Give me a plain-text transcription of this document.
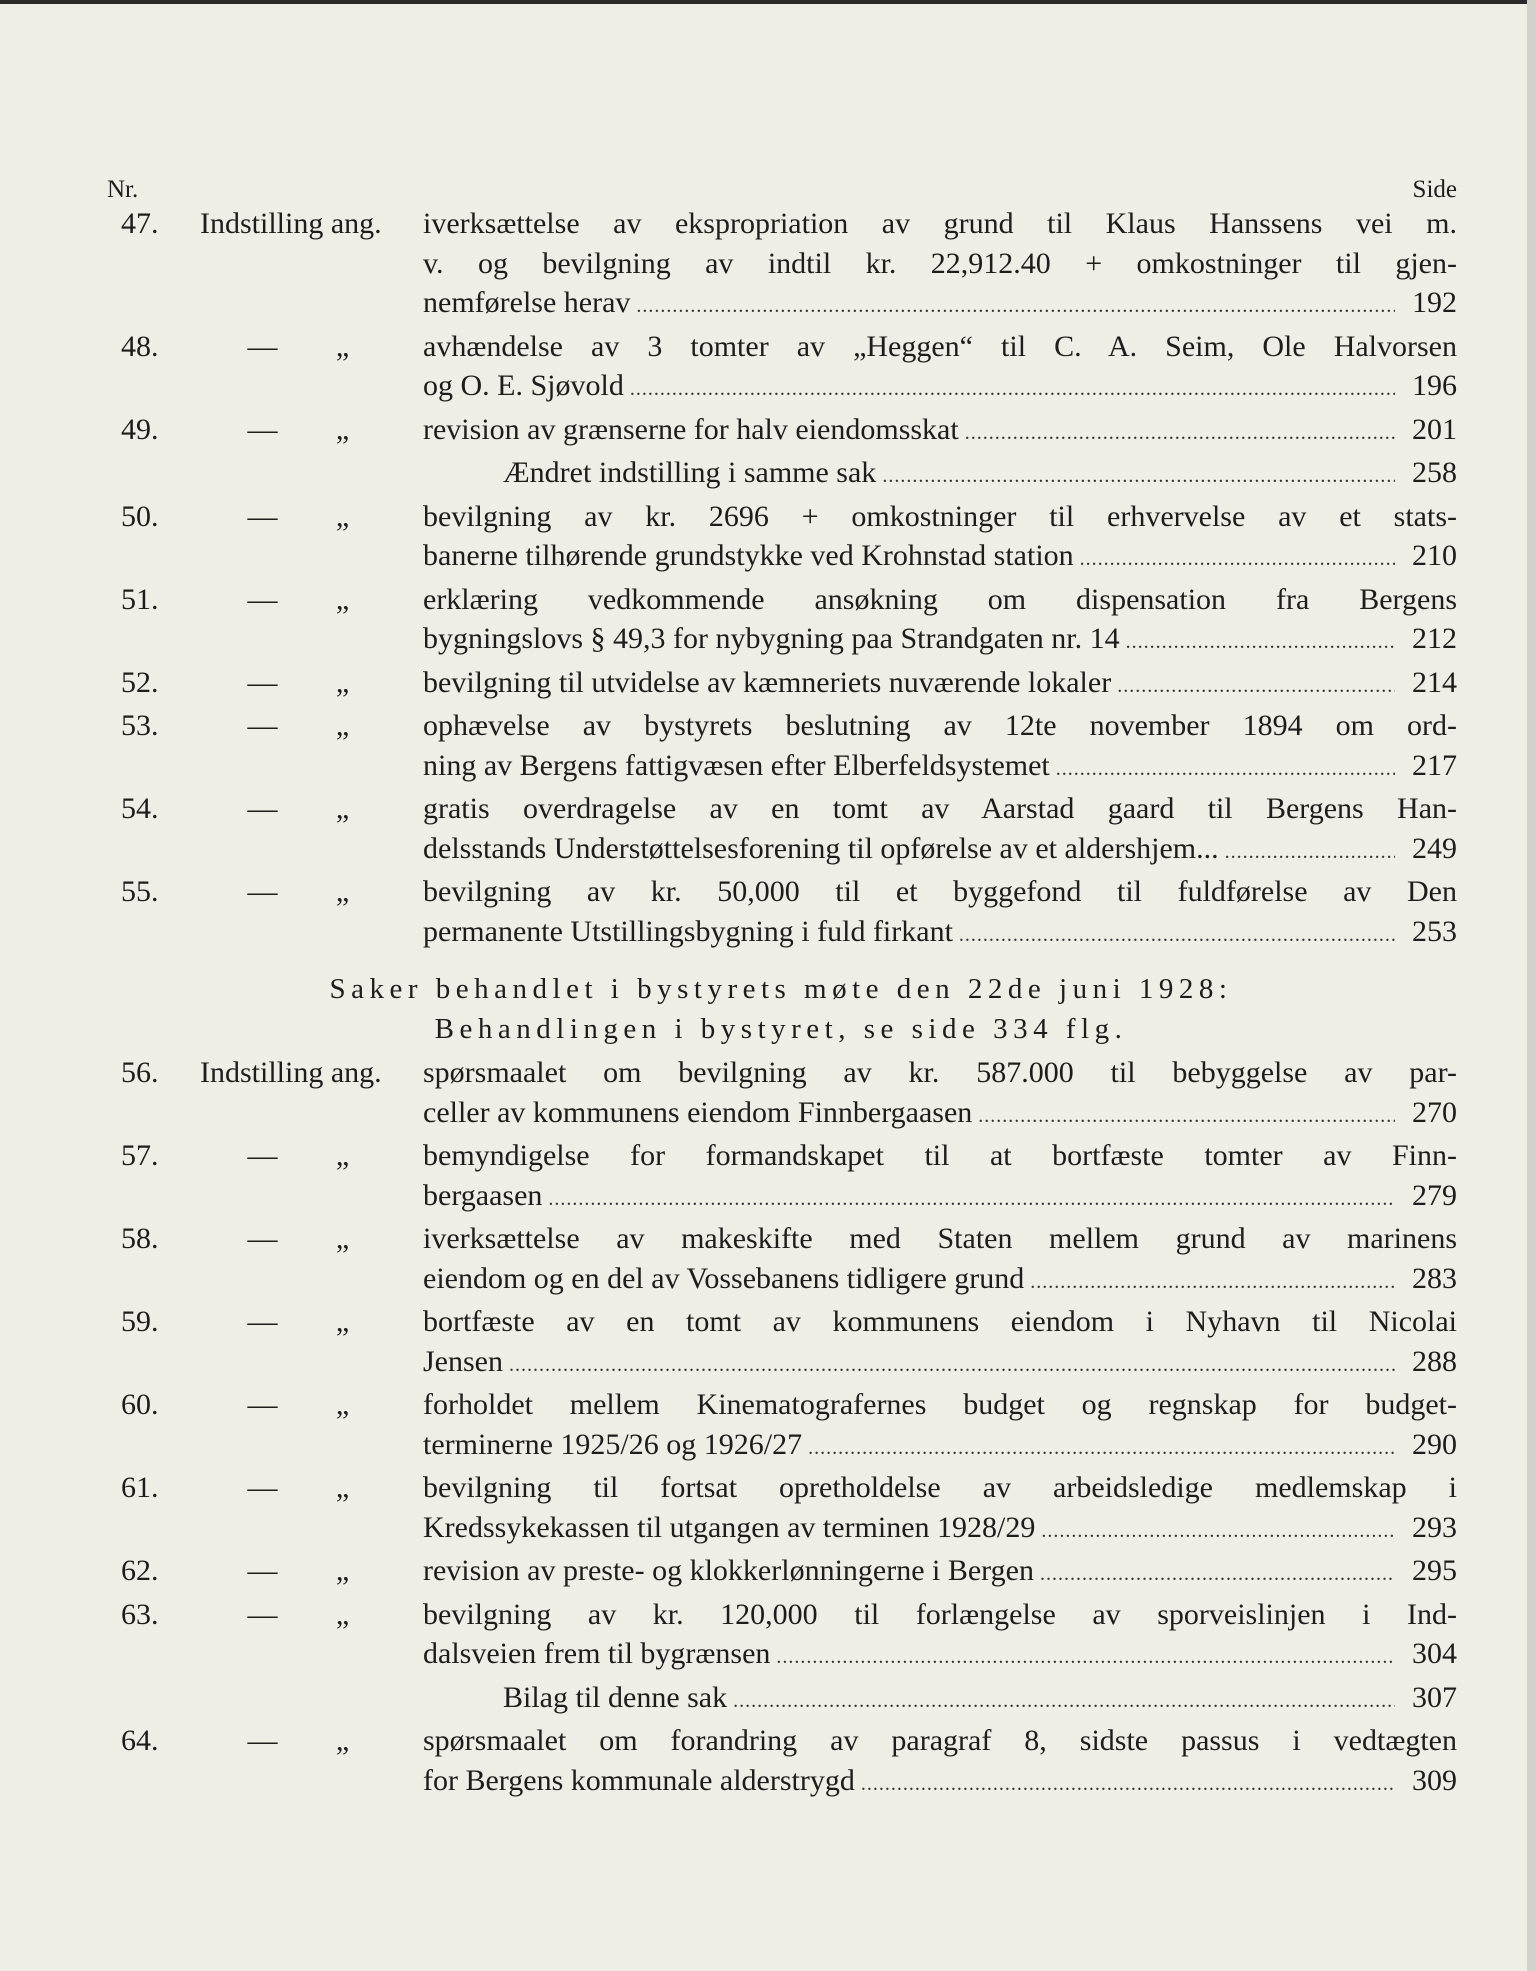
Nr.	Side
47.	Indstilling ang.	iverksættelse av ekspropriation av grund til Klaus Hanssens vei m.
v. og bevilgning av indtil kr. 22,912.40 + omkostninger til gjen-
nemførelse herav .....	192
48.	— „	avhændelse av 3 tomter av „Heggen“ til C. A. Seim, Ole Halvorsen
og O. E. Sjøvold .....	196
49.	— „	revision av grænserne for halv eiendomsskat .....	201
Ændret indstilling i samme sak .....	258
50.	— „	bevilgning av kr. 2696 + omkostninger til erhvervelse av et stats-
banerne tilhørende grundstykke ved Krohnstad station .....	210
51.	— „	erklæring vedkommende ansøkning om dispensation fra Bergens
bygningslovs § 49,3 for nybygning paa Strandgaten nr. 14 .....	212
52.	— „	bevilgning til utvidelse av kæmneriets nuværende lokaler .....	214
53.	— „	ophævelse av bystyrets beslutning av 12te november 1894 om ord-
ning av Bergens fattigvæsen efter Elberfeldsystemet .....	217
54.	— „	gratis overdragelse av en tomt av Aarstad gaard til Bergens Han-
delsstands Understøttelsesforening til opførelse av et aldershjem... .....	249
55.	— „	bevilgning av kr. 50,000 til et byggefond til fuldførelse av Den
permanente Utstillingsbygning i fuld firkant .....	253
Saker behandlet i bystyrets møte den 22de juni 1928:
Behandlingen i bystyret, se side 334 flg.
56.	Indstilling ang.	spørsmaalet om bevilgning av kr. 587.000 til bebyggelse av par-
celler av kommunens eiendom Finnbergaasen .....	270
57.	— „	bemyndigelse for formandskapet til at bortfæste tomter av Finn-
bergaasen .....	279
58.	— „	iverksættelse av makeskifte med Staten mellem grund av marinens
eiendom og en del av Vossebanens tidligere grund .....	283
59.	— „	bortfæste av en tomt av kommunens eiendom i Nyhavn til Nicolai
Jensen .....	288
60.	— „	forholdet mellem Kinematografernes budget og regnskap for budget-
terminerne 1925/26 og 1926/27 .....	290
61.	— „	bevilgning til fortsat opretholdelse av arbeidsledige medlemskap i
Kredssykekassen til utgangen av terminen 1928/29 .....	293
62.	— „	revision av preste- og klokkerlønningerne i Bergen .....	295
63.	— „	bevilgning av kr. 120,000 til forlængelse av sporveislinjen i Ind-
dalsveien frem til bygrænsen .....	304
Bilag til denne sak .....	307
64.	— „	spørsmaalet om forandring av paragraf 8, sidste passus i vedtægten
for Bergens kommunale alderstrygd .....	309
